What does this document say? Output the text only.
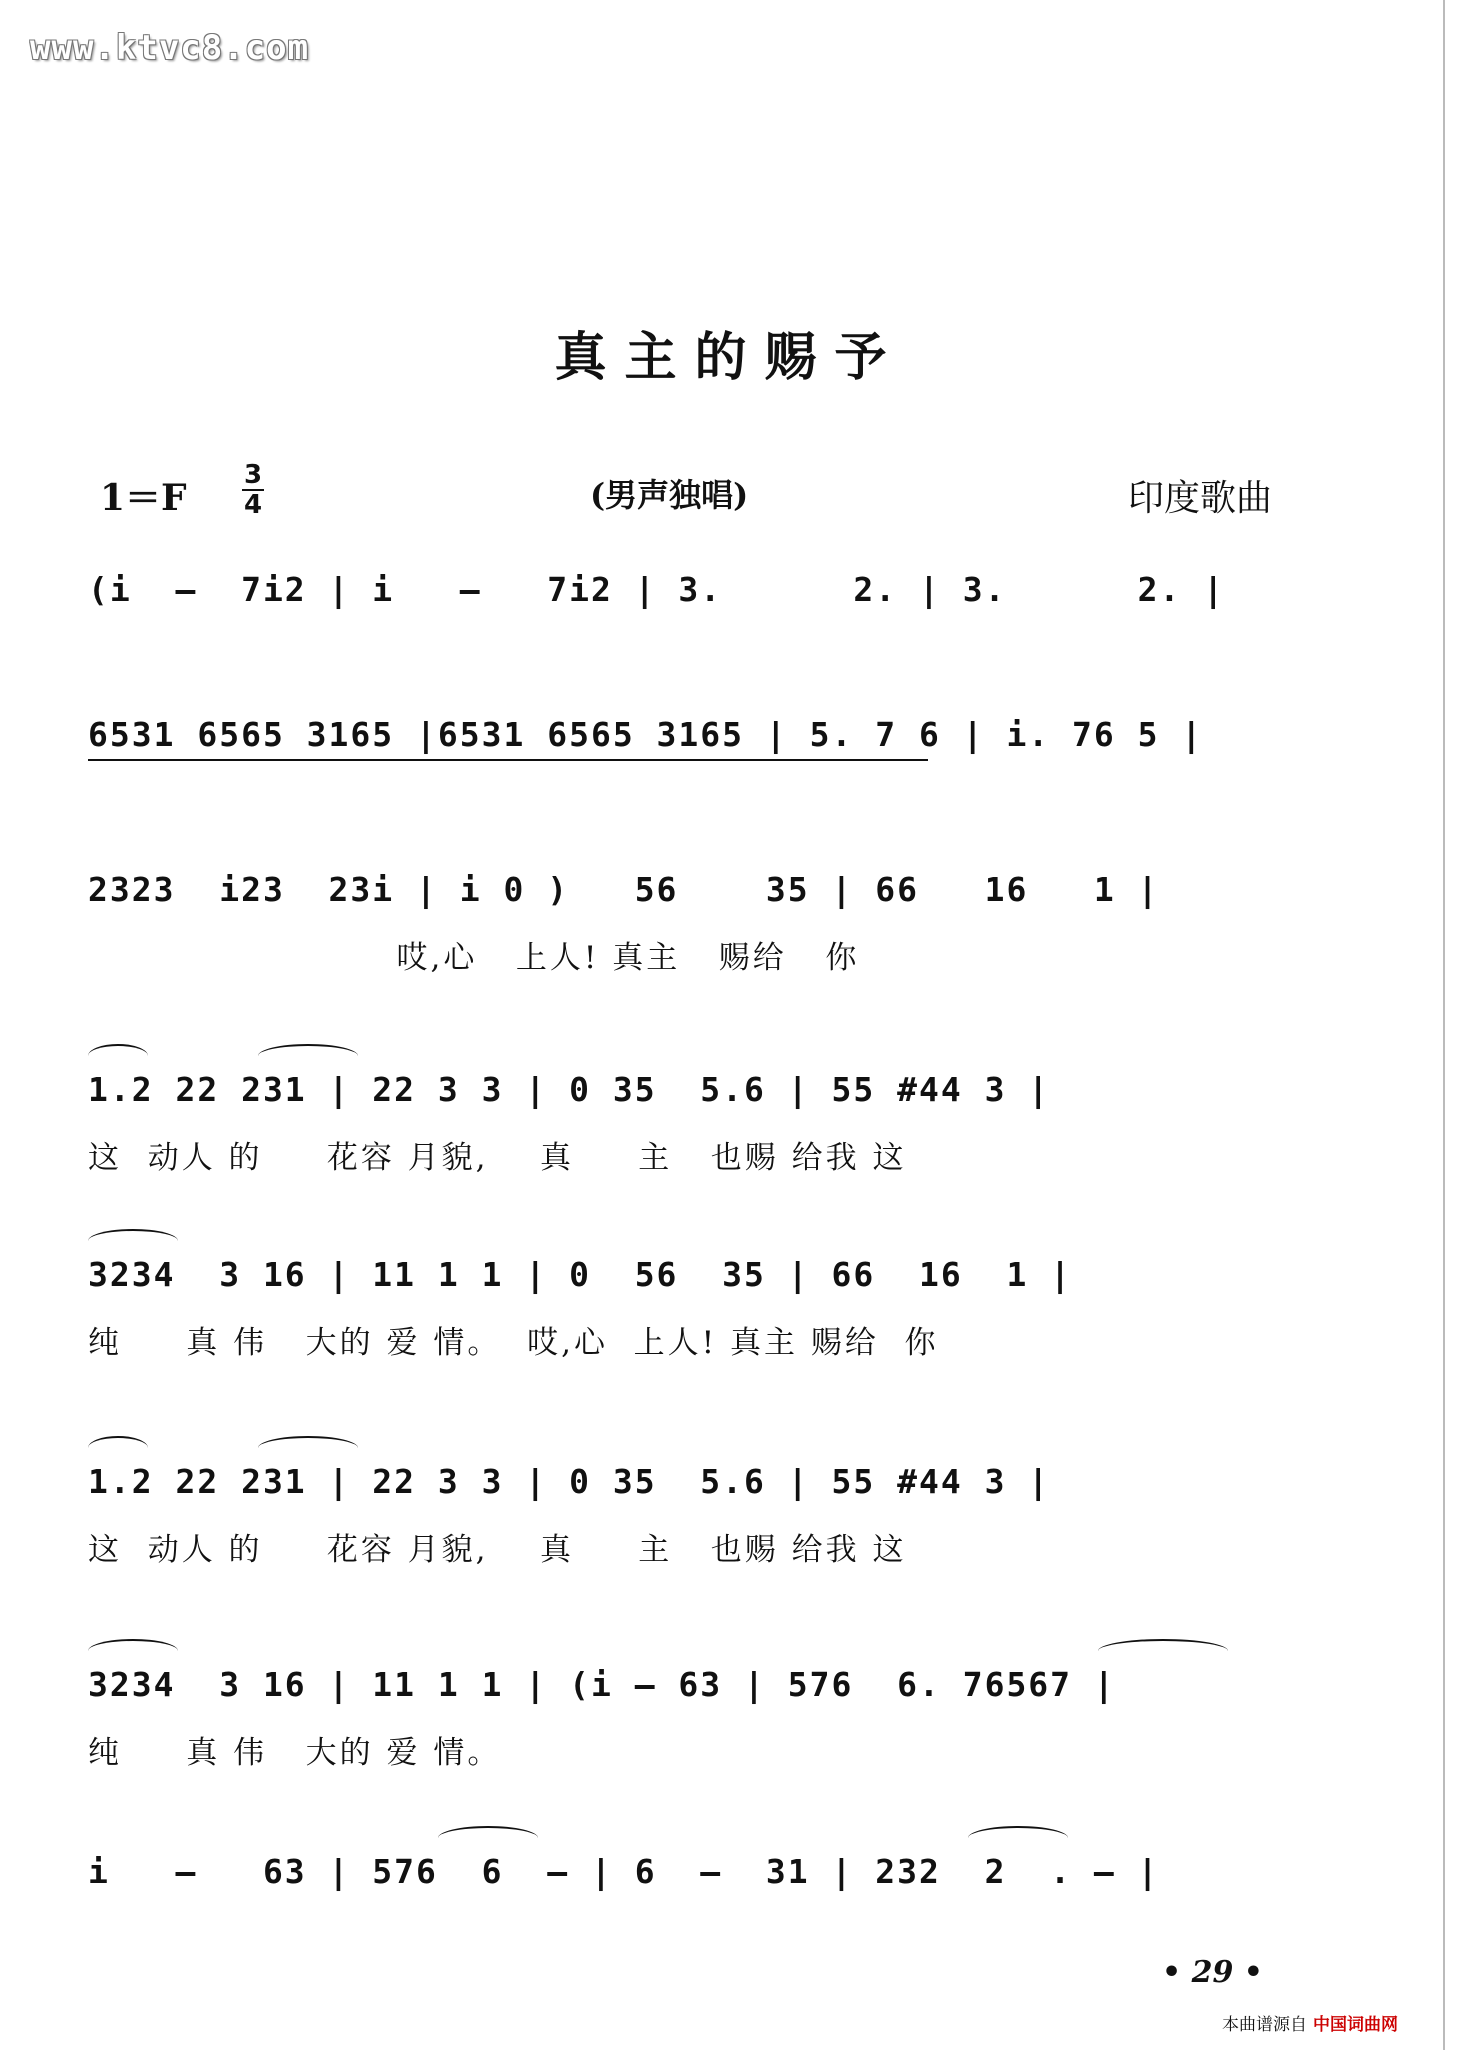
www.ktvc8.com
真主的赐予
1＝F
3
4	(男声独唱)	印度歌曲
(i  —  7i2 | i   —   7i2 | 3.      2. | 3.      2. |
6531 6565 3165 |6531 6565 3165 | 5. 7 6 | i. 76 5 |
2323  i23  23i | i 0 )   56    35 | 66   16   1 |
哎,心   上人! 真主   赐给   你
1.2 22 231 | 22 3 3 | 0 35  5.6 | 55 #44 3 |
这  动人 的     花容 月貌,    真     主   也赐 给我 这
3234  3 16 | 11 1 1 | 0  56  35 | 66  16  1 |
纯     真 伟   大的 爱 情。  哎,心  上人! 真主 赐给  你
1.2 22 231 | 22 3 3 | 0 35  5.6 | 55 #44 3 |
这  动人 的     花容 月貌,    真     主   也赐 给我 这
3234  3 16 | 11 1 1 | (i — 63 | 576  6. 76567 |
纯     真 伟   大的 爱 情。
i   —   63 | 576  6  — | 6  —  31 | 232  2  . — |
• 29 •
本曲谱源自 中国词曲网
